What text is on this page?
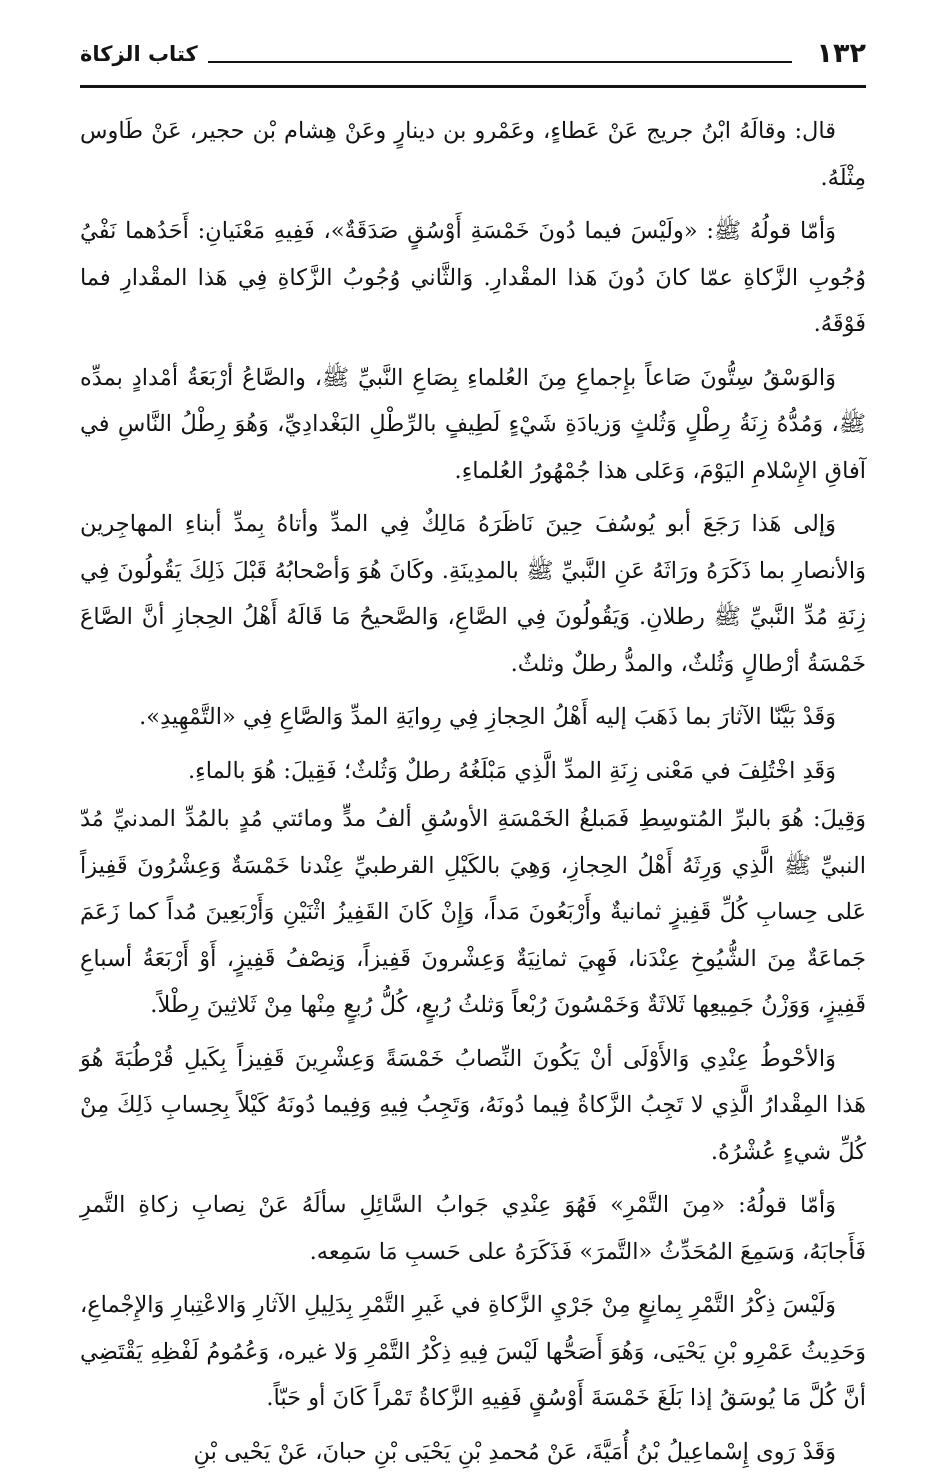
١٣٢
كتاب الزكاة

قال: وقالَهُ ابْنُ جريج عَنْ عَطاءٍ، وعَمْرو بن دينارٍ وعَنْ هِشام بْن حجير، عَنْ طَاوس مِثْلَهُ.

وَأمّا قولُهُ ﷺ: «ولَيْسَ فيما دُونَ خَمْسَةِ أَوْسُقٍ صَدَقَةٌ»، فَفِيهِ مَعْنَيانِ: أَحَدُهما نَفْيُ وُجُوبِ الزَّكاةِ عمّا كانَ دُونَ هَذا المقْدارِ. وَالثَّاني وُجُوبُ الزَّكاةِ فِي هَذا المقْدارِ فما فَوْقَهُ.

وَالوَسْقُ سِتُّونَ صَاعاً بإِجماعِ مِنَ العُلماءِ بِصَاعِ النَّبيِّ ﷺ، والصَّاعُ أرْبَعَةُ أمْدادٍ بمدِّه ﷺ، وَمُدُّهُ زِنَةُ رِطْلٍ وَثُلثٍ وَزيادَةِ شَيْءٍ لَطِيفٍ بالرِّطْلِ البَغْدادِيِّ، وَهُوَ رِطْلُ النَّاسِ في آفاقِ الإِسْلامِ اليَوْمَ، وَعَلى هذا جُمْهُورُ العُلماءِ.

وَإلى هَذا رَجَعَ أبو يُوسُفَ حِينَ نَاظَرَهُ مَالِكٌ فِي المدِّ وأتاهُ بِمدِّ أبناءِ المهاجِرين وَالأنصارِ بما ذَكَرَهُ ورَاثَهُ عَنِ النَّبيِّ ﷺ بالمدِينَةِ. وكَانَ هُوَ وَأصْحابُهُ قَبْلَ ذَلِكَ يَقُولُونَ فِي زِنَةِ مُدِّ النَّبيِّ ﷺ رطلانِ. وَيَقُولُونَ فِي الصَّاعِ، وَالصَّحيحُ مَا قَالَهُ أَهْلُ الحِجازِ أنَّ الصَّاعَ خَمْسَةُ أرْطالٍ وَثُلثٌ، والمدُّ رطلٌ وثلثٌ.

وَقَدْ بَيَّنّا الآثارَ بما ذَهَبَ إليه أَهْلُ الحِجازِ فِي رِوايَةِ المدِّ وَالصَّاعِ فِي «التَّمْهِيدِ».

وَقَدِ اخْتُلِفَ في مَعْنى زِنَةِ المدِّ الَّذِي مَبْلَغُهُ رطلٌ وَثُلثٌ؛ فَقِيلَ: هُوَ بالماءِ.

وَقِيلَ: هُوَ بالبرِّ المُتوسِطِ فَمَبلغُ الخَمْسَةِ الأوسُقِ ألفُ مدٍّ ومائتي مُدٍ بالمُدِّ المدنيِّ مُدّ النبيِّ ﷺ الَّذِي وَرِثَهُ أَهْلُ الحِجازِ، وَهِيَ بالكَيْلِ القرطبيِّ عِنْدنا خَمْسَةٌ وَعِشْرُونَ قَفِيزاً عَلى حِسابِ كُلِّ قَفِيزٍ ثمانيةٌ وأَرْبَعُونَ مَداً، وَإِنْ كَانَ القَفِيزُ اثْنَيْنِ وَأَرْبَعِينَ مُداً كما زَعَمَ جَماعَةٌ مِنَ الشُّيُوخِ عِنْدَنا، فَهِيَ ثمانِيَةٌ وَعِشْرونَ قَفِيزاً، وَنِصْفُ قَفِيزٍ، أَوْ أَرْبَعَةُ أسباعِ قَفِيزٍ، وَوَزْنُ جَمِيعِها ثَلاثَةٌ وَخَمْسُونَ رُبْعاً وَثلثُ رُبعٍ، كُلُّ رُبعٍ مِنْها مِنْ ثَلاثِينَ رِطْلاً.

وَالأحْوطُ عِنْدِي وَالأَوْلَى أنْ يَكُونَ النِّصابُ خَمْسَةً وَعِشْرِينَ قَفِيزاً بِكَيلِ قُرْطُبَةَ هُوَ هَذا المِقْدارُ الَّذِي لا تَجِبُ الزَّكاةُ فِيما دُونَهُ، وَتَجِبُ فِيهِ وَفِيما دُونَهُ كَيْلاً بِحِسابِ ذَلِكَ مِنْ كُلِّ شيءٍ عُشْرُهُ.

وَأمّا قولُهُ: «مِنَ التَّمْرِ» فَهُوَ عِنْدِي جَوابُ السَّائِلِ سألَهُ عَنْ نِصابِ زكاةِ التَّمرِ فَأَجابَهُ، وَسَمِعَ المُحَدِّثُ «التَّمرَ» فَذَكَرَهُ على حَسبِ مَا سَمِعه.

وَلَيْسَ ذِكْرُ التَّمْرِ بِمانِعٍ مِنْ جَرْيِ الزَّكاةِ في غَيرِ التَّمْرِ بِدَلِيلِ الآثارِ وَالاعْتِبارِ وَالإِجْماعِ، وَحَدِيثُ عَمْرِو بْنِ يَحْيَى، وَهُوَ أَصَحُّها لَيْسَ فِيهِ ذِكْرُ التَّمْرِ وَلا غيره، وَعُمُومُ لَفْظِهِ يَقْتَضِي أنَّ كُلَّ مَا يُوسَقُ إذا بَلَغَ خَمْسَةَ أَوْسُقٍ فَفِيهِ الزَّكاةُ تَمْراً كَانَ أو حَبّاً.

وَقَدْ رَوى إِسْماعِيلُ بْنُ أُمَيَّةَ، عَنْ مُحمدِ بْنِ يَحْيَى بْنِ حبانَ، عَنْ يَحْيى بْنِ
